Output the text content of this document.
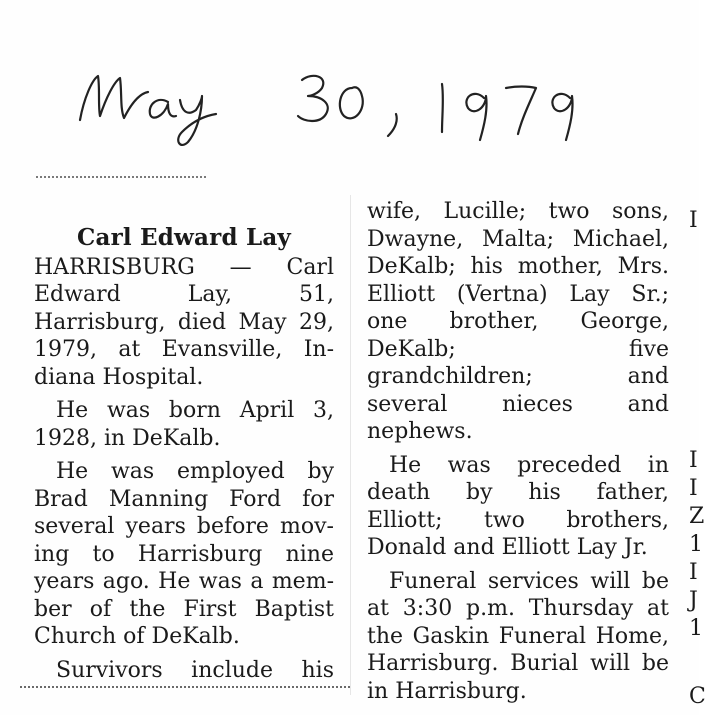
Carl Edward Lay
HARRISBURG — Carl
Edward Lay, 51,
Harrisburg, died May 29,
1979, at Evansville, In-
diana Hospital.
He was born April 3,
1928, in DeKalb.
He was employed by
Brad Manning Ford for
several years before mov-
ing to Harrisburg nine
years ago. He was a mem-
ber of the First Baptist
Church of DeKalb.
Survivors include his
wife, Lucille; two sons,
Dwayne, Malta; Michael,
DeKalb; his mother, Mrs.
Elliott (Vertna) Lay Sr.;
one brother, George,
DeKalb; five
grandchildren; and
several nieces and
nephews.
He was preceded in
death by his father,
Elliott; two brothers,
Donald and Elliott Lay Jr.
Funeral services will be
at 3:30 p.m. Thursday at
the Gaskin Funeral Home,
Harrisburg. Burial will be
in Harrisburg.
I
I
I
Z
1
I
J
1
C
